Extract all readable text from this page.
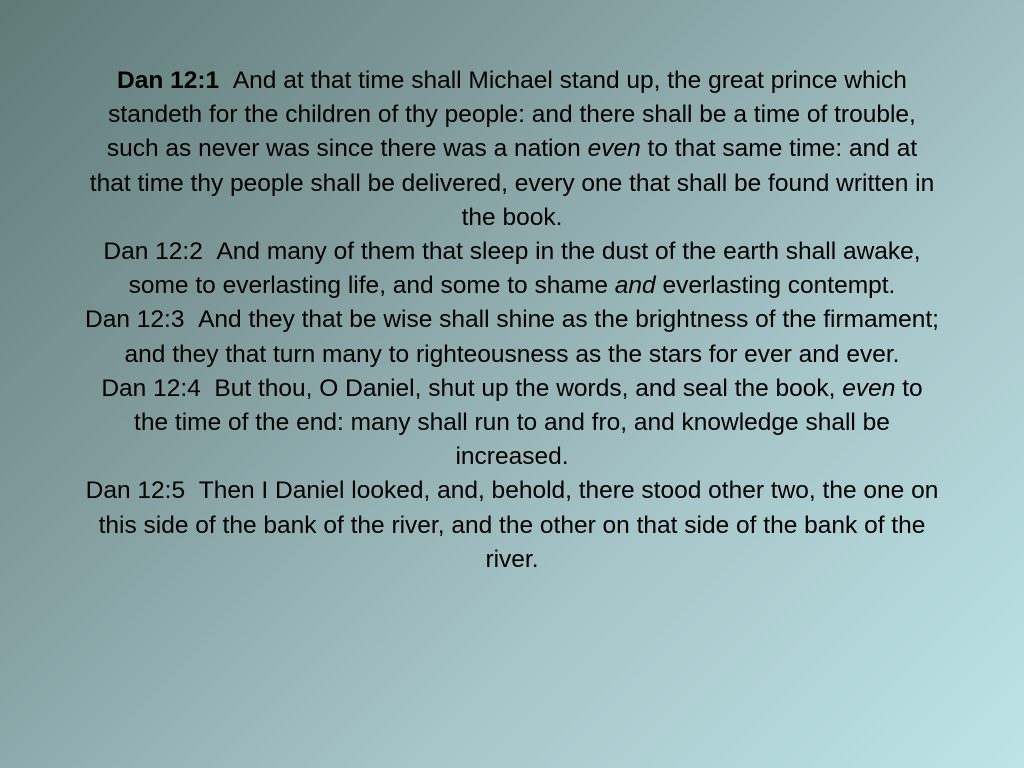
Dan 12:1 And at that time shall Michael stand up, the great prince which standeth for the children of thy people: and there shall be a time of trouble, such as never was since there was a nation even to that same time: and at that time thy people shall be delivered, every one that shall be found written in the book.
Dan 12:2 And many of them that sleep in the dust of the earth shall awake, some to everlasting life, and some to shame and everlasting contempt.
Dan 12:3 And they that be wise shall shine as the brightness of the firmament; and they that turn many to righteousness as the stars for ever and ever.
Dan 12:4 But thou, O Daniel, shut up the words, and seal the book, even to the time of the end: many shall run to and fro, and knowledge shall be increased.
Dan 12:5 Then I Daniel looked, and, behold, there stood other two, the one on this side of the bank of the river, and the other on that side of the bank of the river.
